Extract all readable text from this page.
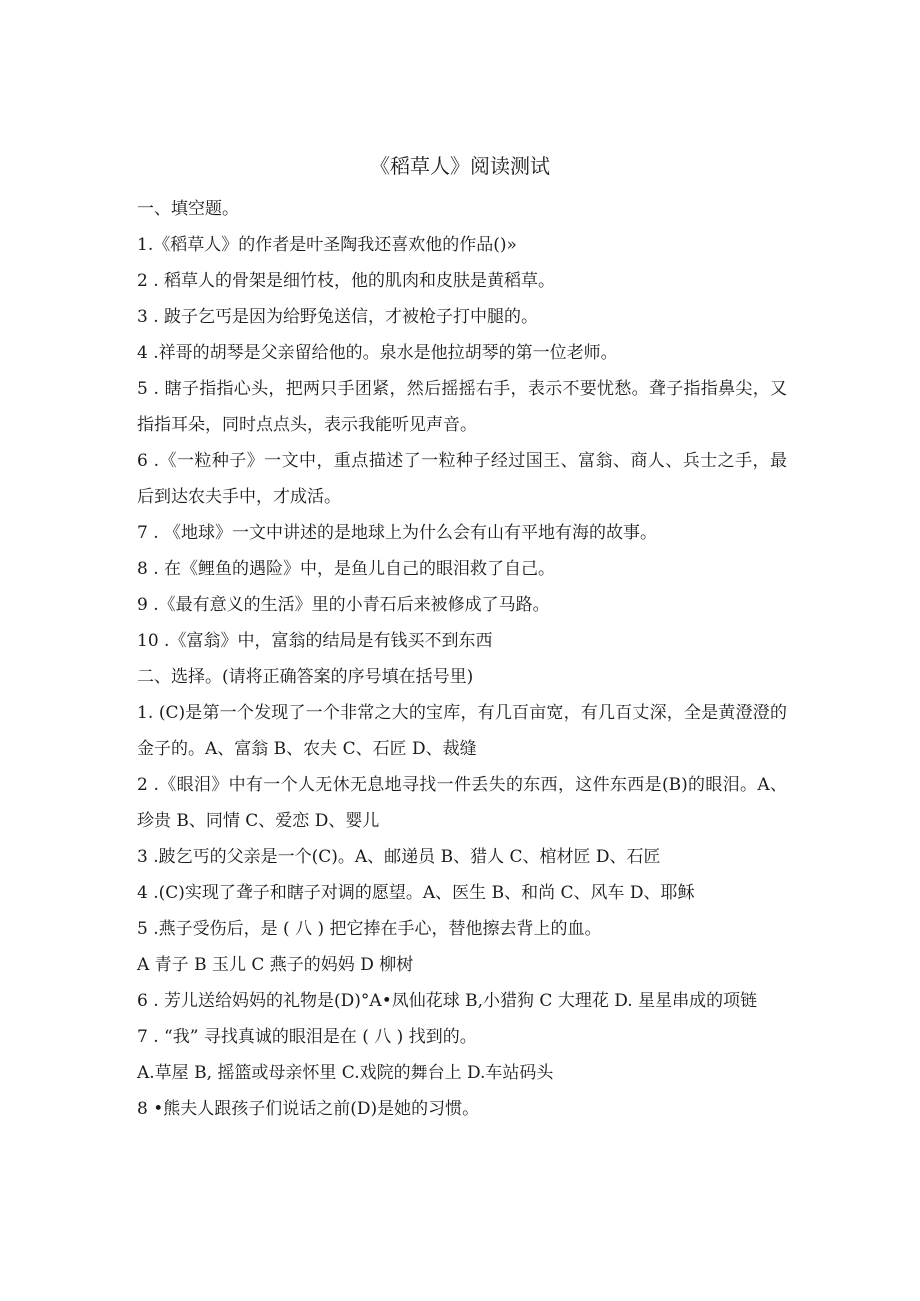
《稻草人》阅读测试

一、填空题。

1.《稻草人》的作者是叶圣陶我还喜欢他的作品()»

2 . 稻草人的骨架是细竹枝，他的肌肉和皮肤是黄稻草。

3 . 跛子乞丐是因为给野兔送信，才被枪子打中腿的。

4 .祥哥的胡琴是父亲留给他的。泉水是他拉胡琴的第一位老师。

5 . 瞎子指指心头，把两只手团紧，然后摇摇右手，表示不要忧愁。聋子指指鼻尖，又指指耳朵，同时点点头，表示我能听见声音。

6 .《一粒种子》一文中，重点描述了一粒种子经过国王、富翁、商人、兵士之手，最后到达农夫手中，才成活。

7 . 《地球》一文中讲述的是地球上为什么会有山有平地有海的故事。

8 . 在《鲤鱼的遇险》中，是鱼儿自己的眼泪救了自己。

9 .《最有意义的生活》里的小青石后来被修成了马路。

10 .《富翁》中，富翁的结局是有钱买不到东西

二、选择。(请将正确答案的序号填在括号里)

1. (C)是第一个发现了一个非常之大的宝库，有几百亩宽，有几百丈深，全是黄澄澄的金子的。A、富翁 B、农夫 C、石匠 D、裁缝

2 .《眼泪》中有一个人无休无息地寻找一件丢失的东西，这件东西是(B)的眼泪。A、珍贵 B、同情 C、爱恋 D、婴儿

3 .跛乞丐的父亲是一个(C)。A、邮递员 B、猎人 C、棺材匠 D、石匠

4 .(C)实现了聋子和瞎子对调的愿望。A、医生 B、和尚 C、风车 D、耶稣

5 .燕子受伤后，是 ( 八 ) 把它捧在手心，替他擦去背上的血。

A 青子 B 玉儿 C 燕子的妈妈 D 柳树

6 . 芳儿送给妈妈的礼物是(D)°A•凤仙花球 B,小猎狗 C 大理花 D. 星星串成的项链

7 . “我” 寻找真诚的眼泪是在 ( 八 ) 找到的。

A.草屋 B, 摇篮或母亲怀里 C.戏院的舞台上 D.车站码头

8 •熊夫人跟孩子们说话之前(D)是她的习惯。
